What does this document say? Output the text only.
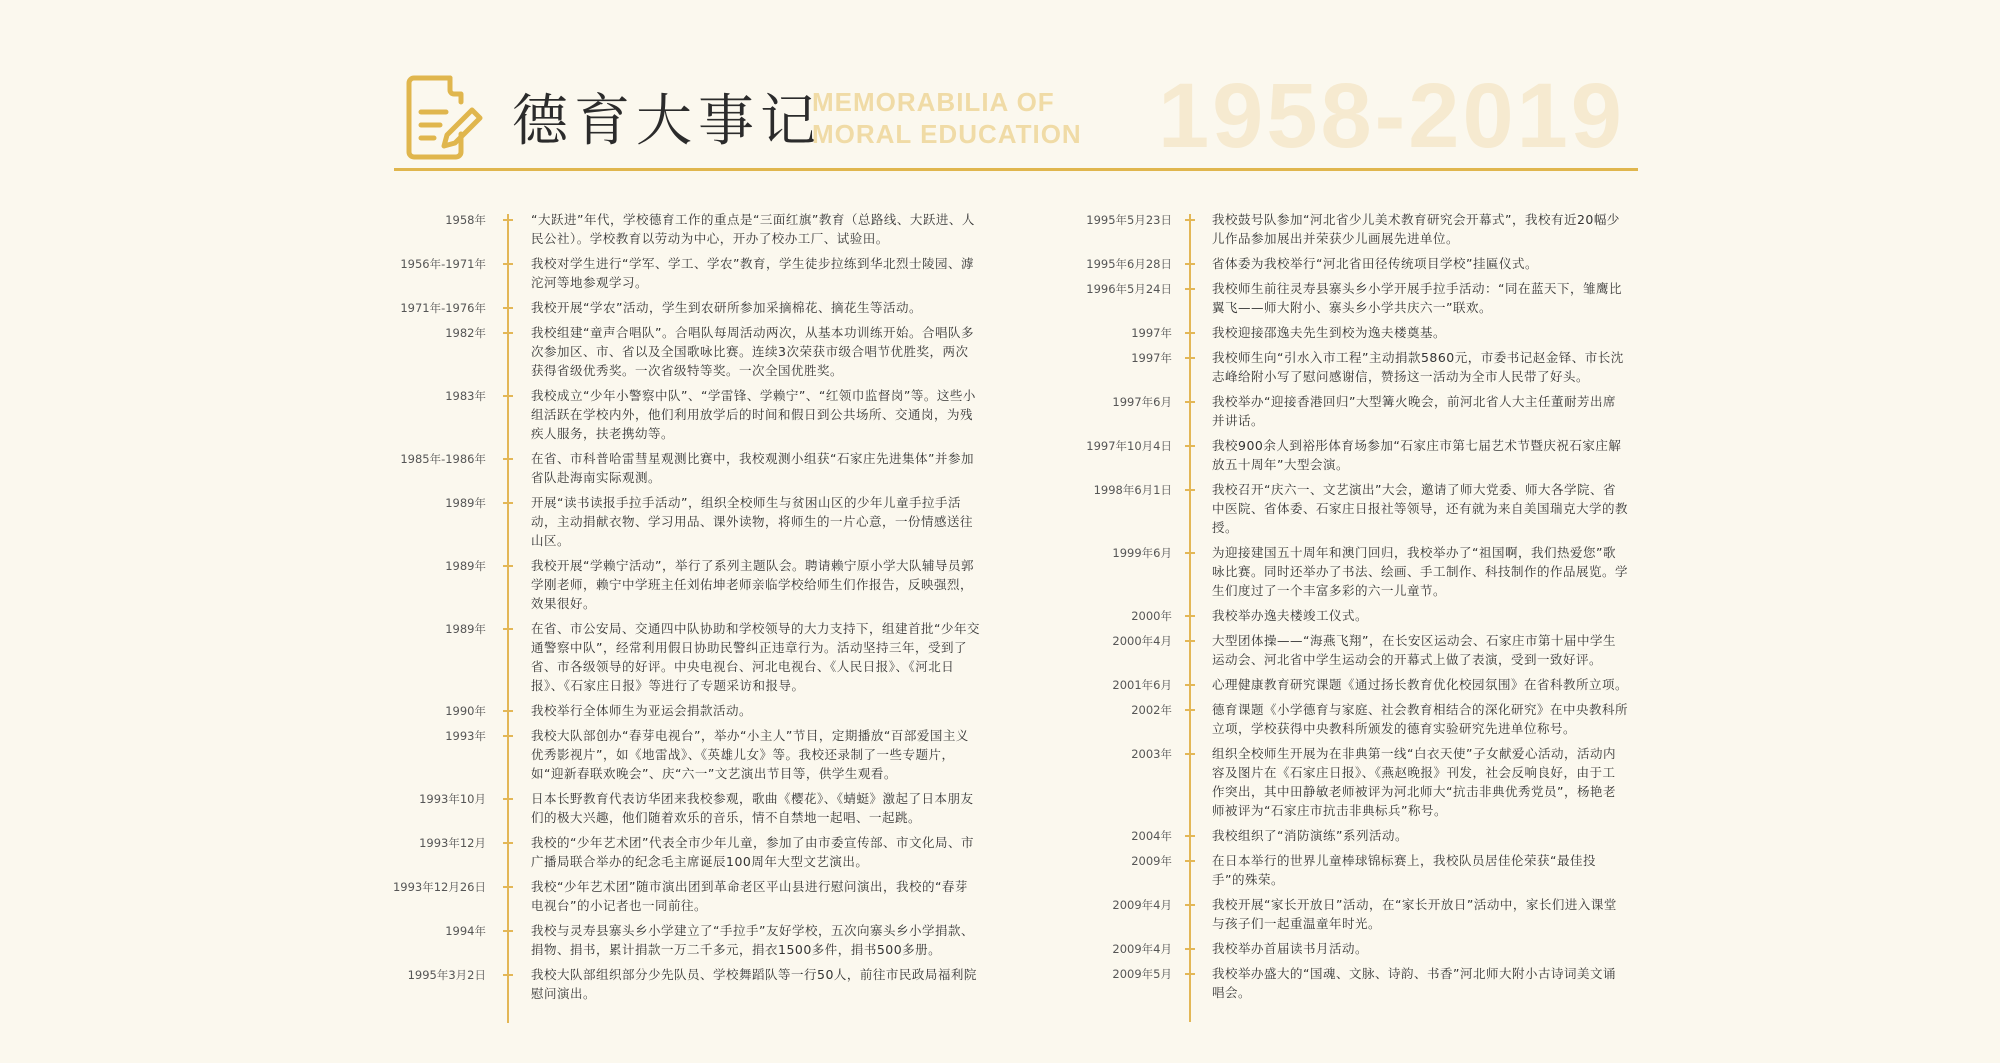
德育大事记
MEMORABILIA OF
MORAL EDUCATION 1958-2019
1958年	“大跃进”年代，学校德育工作的重点是“三面红旗”教育（总路线、大跃进、人民公社）。学校教育以劳动为中心，开办了校办工厂、试验田。
1956年-1971年	我校对学生进行“学军、学工、学农”教育，学生徒步拉练到华北烈士陵园、滹沱河等地参观学习。
1971年-1976年	我校开展“学农”活动，学生到农研所参加采摘棉花、摘花生等活动。
1982年	我校组建“童声合唱队”。合唱队每周活动两次，从基本功训练开始。合唱队多次参加区、市、省以及全国歌咏比赛。连续3次荣获市级合唱节优胜奖，两次获得省级优秀奖。一次省级特等奖。一次全国优胜奖。
1983年	我校成立“少年小警察中队”、“学雷锋、学赖宁”、“红领巾监督岗”等。这些小组活跃在学校内外，他们利用放学后的时间和假日到公共场所、交通岗，为残疾人服务，扶老携幼等。
1985年-1986年	在省、市科普哈雷彗星观测比赛中，我校观测小组获“石家庄先进集体”并参加省队赴海南实际观测。
1989年	开展“读书读报手拉手活动”，组织全校师生与贫困山区的少年儿童手拉手活动，主动捐献衣物、学习用品、课外读物，将师生的一片心意，一份情感送往山区。
1989年	我校开展“学赖宁活动”，举行了系列主题队会。聘请赖宁原小学大队辅导员郭学刚老师，赖宁中学班主任刘佑坤老师亲临学校给师生们作报告，反映强烈，效果很好。
1989年	在省、市公安局、交通四中队协助和学校领导的大力支持下，组建首批“少年交通警察中队”，经常利用假日协助民警纠正违章行为。活动坚持三年，受到了省、市各级领导的好评。中央电视台、河北电视台、《人民日报》、《河北日报》、《石家庄日报》等进行了专题采访和报导。
1990年	我校举行全体师生为亚运会捐款活动。
1993年	我校大队部创办“春芽电视台”，举办“小主人”节目，定期播放“百部爱国主义优秀影视片”，如《地雷战》、《英雄儿女》等。我校还录制了一些专题片，如“迎新春联欢晚会”、庆“六一”文艺演出节目等，供学生观看。
1993年10月	日本长野教育代表访华团来我校参观，歌曲《樱花》、《蜻蜓》激起了日本朋友们的极大兴趣，他们随着欢乐的音乐，情不自禁地一起唱、一起跳。
1993年12月	我校的“少年艺术团”代表全市少年儿童，参加了由市委宣传部、市文化局、市广播局联合举办的纪念毛主席诞辰100周年大型文艺演出。
1993年12月26日	我校“少年艺术团”随市演出团到革命老区平山县进行慰问演出，我校的“春芽电视台”的小记者也一同前往。
1994年	我校与灵寿县寨头乡小学建立了“手拉手”友好学校，五次向寨头乡小学捐款、捐物、捐书，累计捐款一万二千多元，捐衣1500多件，捐书500多册。
1995年3月2日	我校大队部组织部分少先队员、学校舞蹈队等一行50人，前往市民政局福利院慰问演出。
1995年5月23日	我校鼓号队参加“河北省少儿美术教育研究会开幕式”，我校有近20幅少儿作品参加展出并荣获少儿画展先进单位。
1995年6月28日	省体委为我校举行“河北省田径传统项目学校”挂匾仪式。
1996年5月24日	我校师生前往灵寿县寨头乡小学开展手拉手活动：“同在蓝天下，雏鹰比翼飞——师大附小、寨头乡小学共庆六一”联欢。
1997年	我校迎接邵逸夫先生到校为逸夫楼奠基。
1997年	我校师生向“引水入市工程”主动捐款5860元，市委书记赵金铎、市长沈志峰给附小写了慰问感谢信，赞扬这一活动为全市人民带了好头。
1997年6月	我校举办“迎接香港回归”大型篝火晚会，前河北省人大主任董耐芳出席并讲话。
1997年10月4日	我校900余人到裕彤体育场参加“石家庄市第七届艺术节暨庆祝石家庄解放五十周年”大型会演。
1998年6月1日	我校召开“庆六一、文艺演出”大会，邀请了师大党委、师大各学院、省中医院、省体委、石家庄日报社等领导，还有就为来自美国瑞克大学的教授。
1999年6月	为迎接建国五十周年和澳门回归，我校举办了“祖国啊，我们热爱您”歌咏比赛。同时还举办了书法、绘画、手工制作、科技制作的作品展览。学生们度过了一个丰富多彩的六一儿童节。
2000年	我校举办逸夫楼竣工仪式。
2000年4月	大型团体操——“海燕飞翔”，在长安区运动会、石家庄市第十届中学生运动会、河北省中学生运动会的开幕式上做了表演，受到一致好评。
2001年6月	心理健康教育研究课题《通过扬长教育优化校园氛围》在省科教所立项。
2002年	德育课题《小学德育与家庭、社会教育相结合的深化研究》在中央教科所立项，学校获得中央教科所颁发的德育实验研究先进单位称号。
2003年	组织全校师生开展为在非典第一线“白衣天使”子女献爱心活动，活动内容及图片在《石家庄日报》、《燕赵晚报》刊发，社会反响良好，由于工作突出，其中田静敏老师被评为河北师大“抗击非典优秀党员”，杨艳老师被评为“石家庄市抗击非典标兵”称号。
2004年	我校组织了“消防演练”系列活动。
2009年	在日本举行的世界儿童棒球锦标赛上，我校队员居佳伦荣获“最佳投手”的殊荣。
2009年4月	我校开展“家长开放日”活动，在“家长开放日”活动中，家长们进入课堂与孩子们一起重温童年时光。
2009年4月	我校举办首届读书月活动。
2009年5月	我校举办盛大的“国魂、文脉、诗韵、书香”河北师大附小古诗词美文诵唱会。
